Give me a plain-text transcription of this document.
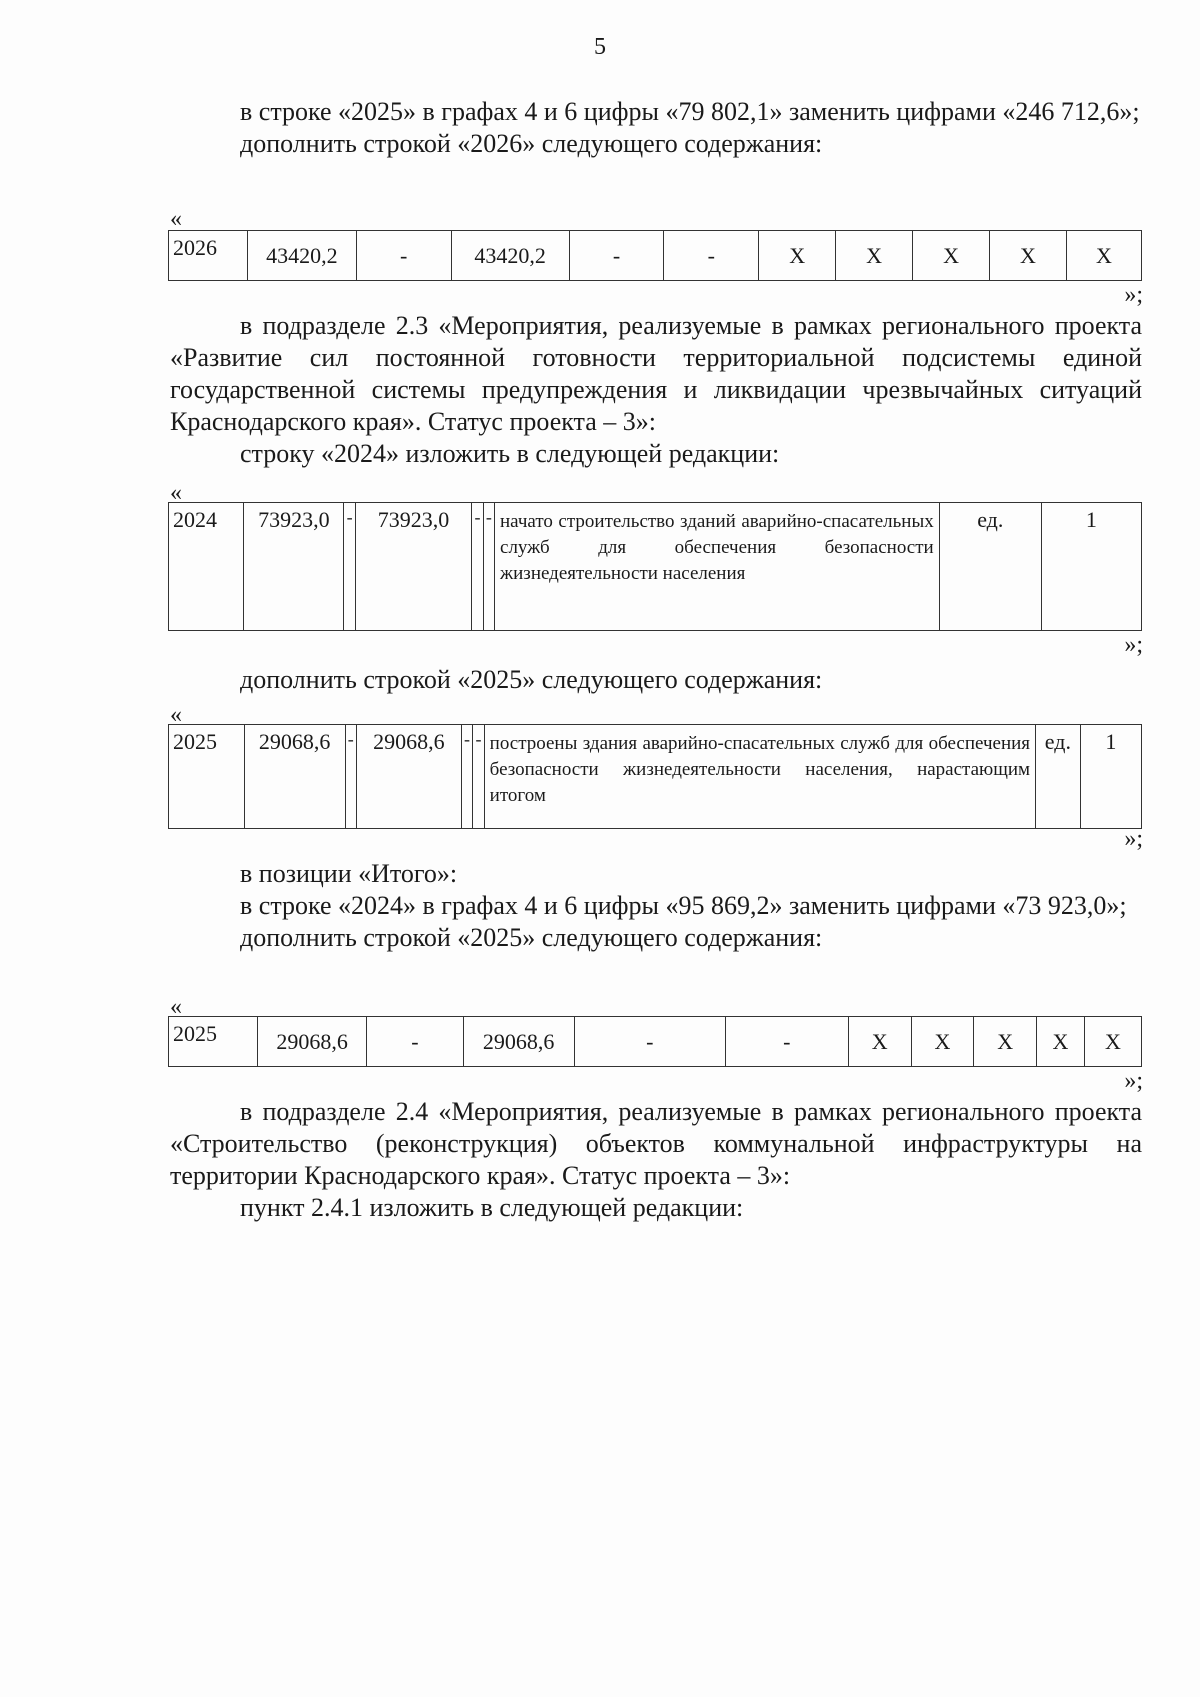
5

в строке «2025» в графах 4 и 6 цифры «79 802,1» заменить цифрами «246 712,6»;

дополнить строкой «2026» следующего содержания:

«
2026	43420,2	-	43420,2	-	-	X	X	X	X	X
»;

в подразделе 2.3 «Мероприятия, реализуемые в рамках регионального проекта «Развитие сил постоянной готовности территориальной подсистемы единой государственной системы предупреждения и ликвидации чрезвычайных ситуаций Краснодарского края». Статус проекта – 3»:

строку «2024» изложить в следующей редакции:

«
2024	73923,0	-	73923,0	-	-	начато строительство зданий аварийно-спасательных служб для обеспечения безопасности жизнедеятельности населения	ед.	1
»;

дополнить строкой «2025» следующего содержания:

«
2025	29068,6	-	29068,6	-	-	построены здания аварийно-спасательных служб для обеспечения безопасности жизнедеятельности населения, нарастающим итогом	ед.	1
»;

в позиции «Итого»:

в строке «2024» в графах 4 и 6 цифры «95 869,2» заменить цифрами «73 923,0»;

дополнить строкой «2025» следующего содержания:

«
2025	29068,6	-	29068,6	-	-	X	X	X	X	X
»;

в подразделе 2.4 «Мероприятия, реализуемые в рамках регионального проекта «Строительство (реконструкция) объектов коммунальной инфраструктуры на территории Краснодарского края». Статус проекта – 3»:

пункт 2.4.1 изложить в следующей редакции:
